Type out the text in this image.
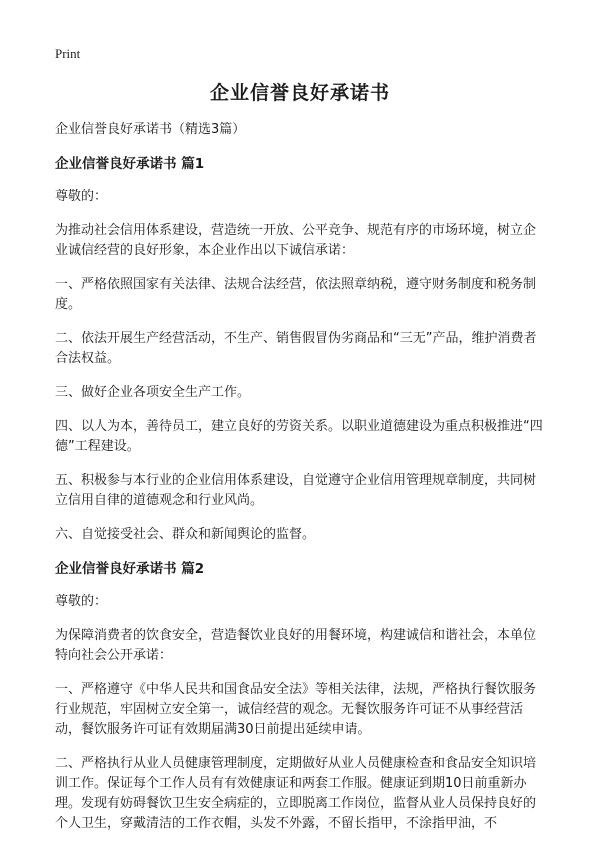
Print
企业信誉良好承诺书

企业信誉良好承诺书（精选3篇）

企业信誉良好承诺书 篇1

尊敬的：

为推动社会信用体系建设，营造统一开放、公平竞争、规范有序的市场环境，树立企业诚信经营的良好形象，本企业作出以下诚信承诺：

一、严格依照国家有关法律、法规合法经营，依法照章纳税，遵守财务制度和税务制度。

二、依法开展生产经营活动，不生产、销售假冒伪劣商品和“三无”产品，维护消费者合法权益。

三、做好企业各项安全生产工作。

四、以人为本，善待员工，建立良好的劳资关系。以职业道德建设为重点积极推进“四德”工程建设。

五、积极参与本行业的企业信用体系建设，自觉遵守企业信用管理规章制度，共同树立信用自律的道德观念和行业风尚。

六、自觉接受社会、群众和新闻舆论的监督。

企业信誉良好承诺书 篇2

尊敬的：

为保障消费者的饮食安全，营造餐饮业良好的用餐环境，构建诚信和谐社会，本单位特向社会公开承诺：

一、严格遵守《中华人民共和国食品安全法》等相关法律，法规，严格执行餐饮服务行业规范，牢固树立安全第一，诚信经营的观念。无餐饮服务许可证不从事经营活动，餐饮服务许可证有效期届满30日前提出延续申请。

二、严格执行从业人员健康管理制度，定期做好从业人员健康检查和食品安全知识培训工作。保证每个工作人员有有效健康证和两套工作服。健康证到期10日前重新办理。发现有妨碍餐饮卫生安全病症的，立即脱离工作岗位，监督从业人员保持良好的个人卫生，穿戴清洁的工作衣帽，头发不外露，不留长指甲，不涂指甲油，不
